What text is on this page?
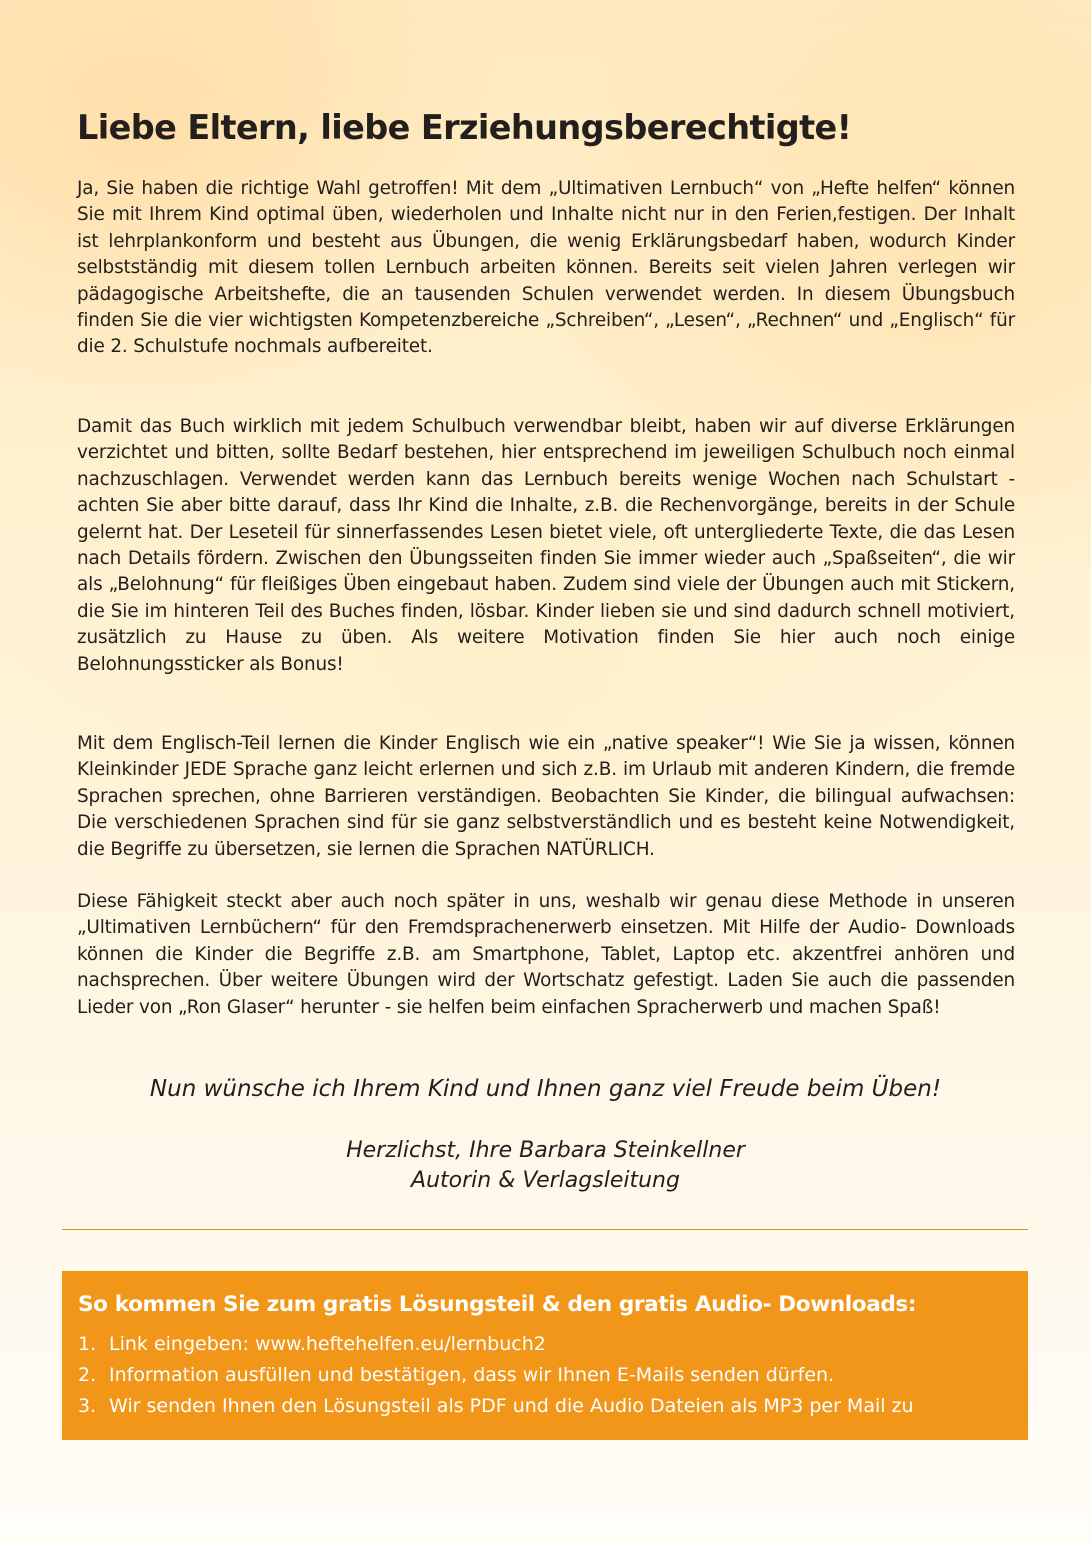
Liebe Eltern, liebe Erziehungsberechtigte!

Ja, Sie haben die richtige Wahl getroffen! Mit dem „Ultimativen Lernbuch“ von „Hefte helfen“ können Sie mit Ihrem Kind optimal üben, wiederholen und Inhalte nicht nur in den Ferien,festigen. Der Inhalt ist lehrplankonform und besteht aus Übungen, die wenig Erklärungsbedarf haben, wodurch Kinder selbstständig mit diesem tollen Lernbuch arbeiten können. Bereits seit vielen Jahren verlegen wir pädagogische Arbeitshefte, die an tausenden Schulen verwendet werden. In diesem Übungsbuch finden Sie die vier wichtigsten Kompetenzbereiche „Schreiben“, „Lesen“, „Rechnen“ und „Englisch“ für die 2. Schulstufe nochmals aufbereitet.

Damit das Buch wirklich mit jedem Schulbuch verwendbar bleibt, haben wir auf diverse Erklärungen verzichtet und bitten, sollte Bedarf bestehen, hier entsprechend im jeweiligen Schulbuch noch einmal nachzuschlagen. Verwendet werden kann das Lernbuch bereits wenige Wochen nach Schulstart - achten Sie aber bitte darauf, dass Ihr Kind die Inhalte, z.B. die Rechenvorgänge, bereits in der Schule gelernt hat. Der Leseteil für sinnerfassendes Lesen bietet viele, oft untergliederte Texte, die das Lesen nach Details fördern. Zwischen den Übungsseiten finden Sie immer wieder auch „Spaßseiten“, die wir als „Belohnung“ für fleißiges Üben eingebaut haben. Zudem sind viele der Übungen auch mit Stickern, die Sie im hinteren Teil des Buches finden, lösbar. Kinder lieben sie und sind dadurch schnell motiviert, zusätzlich zu Hause zu üben. Als weitere Motivation finden Sie hier auch noch einige Belohnungssticker als Bonus!

Mit dem Englisch-Teil lernen die Kinder Englisch wie ein „native speaker“! Wie Sie ja wissen, können Kleinkinder JEDE Sprache ganz leicht erlernen und sich z.B. im Urlaub mit anderen Kindern, die fremde Sprachen sprechen, ohne Barrieren verständigen. Beobachten Sie Kinder, die bilingual aufwachsen: Die verschiedenen Sprachen sind für sie ganz selbstverständlich und es besteht keine Notwendigkeit, die Begriffe zu übersetzen, sie lernen die Sprachen NATÜRLICH.

Diese Fähigkeit steckt aber auch noch später in uns, weshalb wir genau diese Methode in unseren „Ultimativen Lernbüchern“ für den Fremdsprachenerwerb einsetzen. Mit Hilfe der Audio- Downloads können die Kinder die Begriffe z.B. am Smartphone, Tablet, Laptop etc. akzentfrei anhören und nachsprechen. Über weitere Übungen wird der Wortschatz gefestigt. Laden Sie auch die passenden Lieder von „Ron Glaser“ herunter - sie helfen beim einfachen Spracherwerb und machen Spaß!

Nun wünsche ich Ihrem Kind und Ihnen ganz viel Freude beim Üben!
Herzlichst, Ihre Barbara Steinkellner
Autorin & Verlagsleitung
So kommen Sie zum gratis Lösungsteil & den gratis Audio- Downloads:
1. Link eingeben: www.heftehelfen.eu/lernbuch2
2. Information ausfüllen und bestätigen, dass wir Ihnen E-Mails senden dürfen.
3. Wir senden Ihnen den Lösungsteil als PDF und die Audio Dateien als MP3 per Mail zu
